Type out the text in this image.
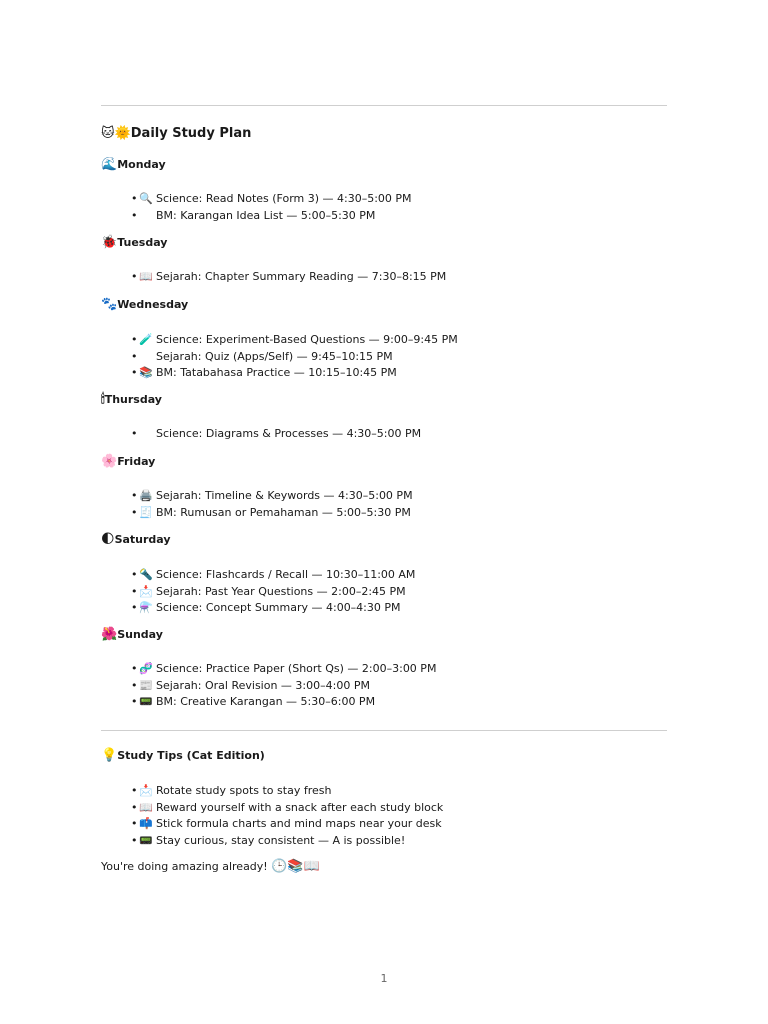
🐱🌞Daily Study Plan
🌊Monday
• 🔍 Science: Read Notes (Form 3) — 4:30–5:00 PM
• BM: Karangan Idea List — 5:00–5:30 PM
🐞Tuesday
• 📖 Sejarah: Chapter Summary Reading — 7:30–8:15 PM
🐾Wednesday
• 🧪 Science: Experiment-Based Questions — 9:00–9:45 PM
• Sejarah: Quiz (Apps/Self) — 9:45–10:15 PM
• 📚 BM: Tatabahasa Practice — 10:15–10:45 PM
🕯Thursday
• Science: Diagrams & Processes — 4:30–5:00 PM
🌸Friday
• 🖨️ Sejarah: Timeline & Keywords — 4:30–5:00 PM
• 🧾 BM: Rumusan or Pemahaman — 5:00–5:30 PM
🌓Saturday
• 🔦 Science: Flashcards / Recall — 10:30–11:00 AM
• 📩 Sejarah: Past Year Questions — 2:00–2:45 PM
• ⚗️ Science: Concept Summary — 4:00–4:30 PM
🌺Sunday
• 🧬 Science: Practice Paper (Short Qs) — 2:00–3:00 PM
• 📰 Sejarah: Oral Revision — 3:00–4:00 PM
• 📟 BM: Creative Karangan — 5:30–6:00 PM
💡Study Tips (Cat Edition)
• 📩 Rotate study spots to stay fresh
• 📖 Reward yourself with a snack after each study block
• 📫 Stick formula charts and mind maps near your desk
• 📟 Stay curious, stay consistent — A is possible!

You're doing amazing already! 🕒📚📖

1
